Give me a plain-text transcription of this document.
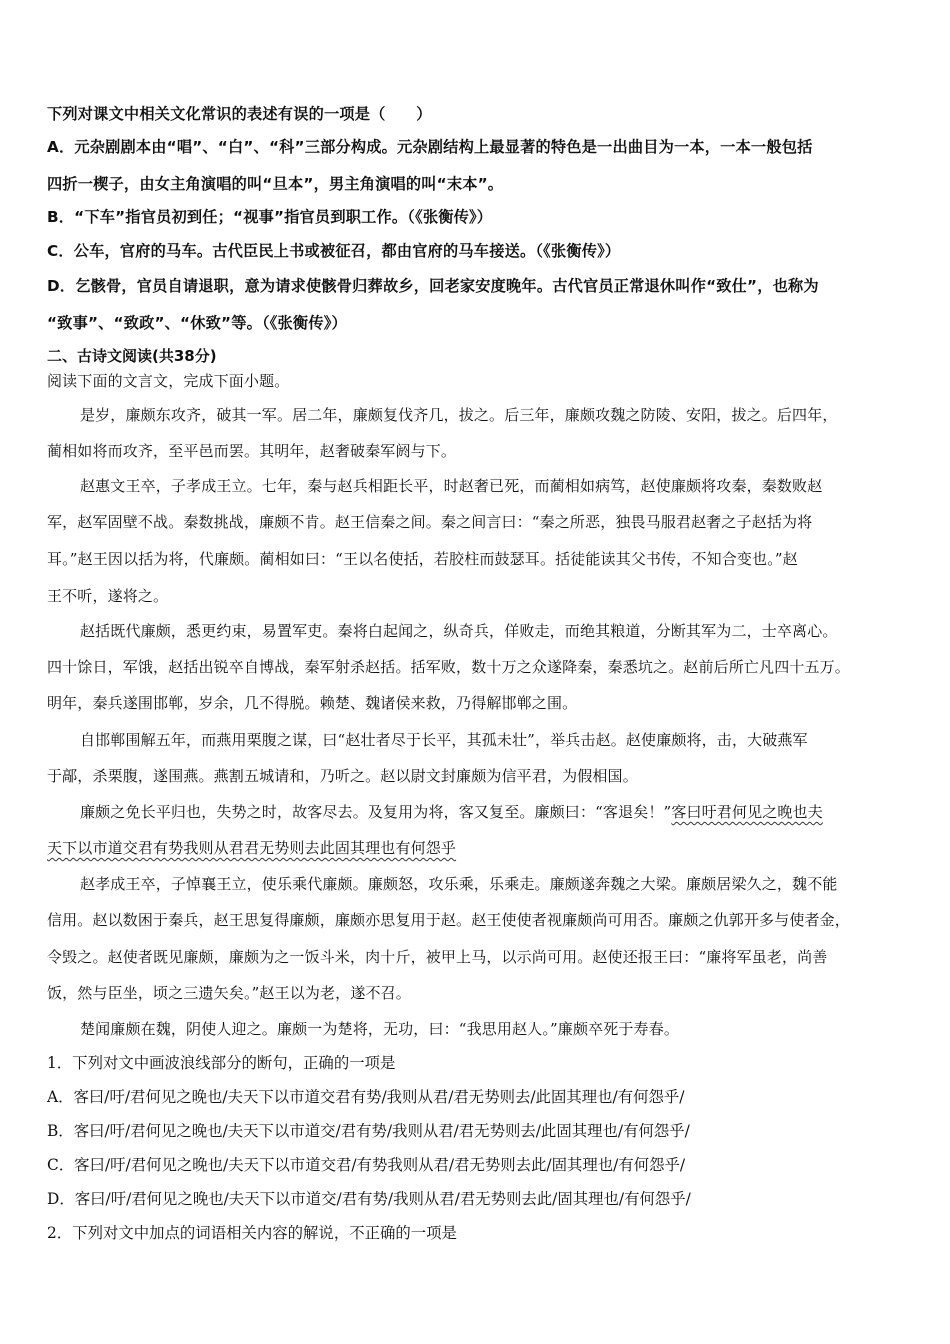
下列对课文中相关文化常识的表述有误的一项是（　　）
A．元杂剧剧本由“唱”、“白”、“科”三部分构成。元杂剧结构上最显著的特色是一出曲目为一本，一本一般包括
四折一楔子，由女主角演唱的叫“旦本”，男主角演唱的叫“末本”。
B．“下车”指官员初到任；“视事”指官员到职工作。（《张衡传》）
C．公车，官府的马车。古代臣民上书或被征召，都由官府的马车接送。（《张衡传》）
D．乞骸骨，官员自请退职，意为请求使骸骨归葬故乡，回老家安度晚年。古代官员正常退休叫作“致仕”，也称为
“致事”、“致政”、“休致”等。（《张衡传》）
二、古诗文阅读(共38分)
阅读下面的文言文，完成下面小题。
是岁，廉颇东攻齐，破其一军。居二年，廉颇复伐齐几，拔之。后三年，廉颇攻魏之防陵、安阳，拔之。后四年，
蔺相如将而攻齐，至平邑而罢。其明年，赵奢破秦军阏与下。
赵惠文王卒，子孝成王立。七年，秦与赵兵相距长平，时赵奢已死，而蔺相如病笃，赵使廉颇将攻秦，秦数败赵
军，赵军固壁不战。秦数挑战，廉颇不肯。赵王信秦之间。秦之间言曰：“秦之所恶，独畏马服君赵奢之子赵括为将
耳。”赵王因以括为将，代廉颇。蔺相如曰：“王以名使括，若胶柱而鼓瑟耳。括徒能读其父书传，不知合变也。”赵
王不听，遂将之。
赵括既代廉颇，悉更约束，易置军吏。秦将白起闻之，纵奇兵，佯败走，而绝其粮道，分断其军为二，士卒离心。
四十馀日，军饿，赵括出锐卒自博战，秦军射杀赵括。括军败，数十万之众遂降秦，秦悉坑之。赵前后所亡凡四十五万。
明年，秦兵遂围邯郸，岁余，几不得脱。赖楚、魏诸侯来救，乃得解邯郸之围。
自邯郸围解五年，而燕用栗腹之谋，曰“赵壮者尽于长平，其孤未壮”，举兵击赵。赵使廉颇将，击，大破燕军
于鄗，杀栗腹，遂围燕。燕割五城请和，乃听之。赵以尉文封廉颇为信平君，为假相国。
廉颇之免长平归也，失势之时，故客尽去。及复用为将，客又复至。廉颇曰：“客退矣！”客曰吁君何见之晚也夫
天下以市道交君有势我则从君君无势则去此固其理也有何怨乎
赵孝成王卒，子悼襄王立，使乐乘代廉颇。廉颇怒，攻乐乘，乐乘走。廉颇遂奔魏之大梁。廉颇居梁久之，魏不能
信用。赵以数困于秦兵，赵王思复得廉颇，廉颇亦思复用于赵。赵王使使者视廉颇尚可用否。廉颇之仇郭开多与使者金，
令毁之。赵使者既见廉颇，廉颇为之一饭斗米，肉十斤，被甲上马，以示尚可用。赵使还报王曰：“廉将军虽老，尚善
饭，然与臣坐，顷之三遗矢矣。”赵王以为老，遂不召。
楚闻廉颇在魏，阴使人迎之。廉颇一为楚将，无功，曰：“我思用赵人。”廉颇卒死于寿春。
1．下列对文中画波浪线部分的断句，正确的一项是
A．客曰/吁/君何见之晚也/夫天下以市道交君有势/我则从君/君无势则去/此固其理也/有何怨乎/
B．客曰/吁/君何见之晚也/夫天下以市道交/君有势/我则从君/君无势则去/此固其理也/有何怨乎/
C．客曰/吁/君何见之晚也/夫天下以市道交君/有势我则从君/君无势则去此/固其理也/有何怨乎/
D．客曰/吁/君何见之晚也/夫天下以市道交/君有势/我则从君/君无势则去此/固其理也/有何怨乎/
2．下列对文中加点的词语相关内容的解说，不正确的一项是
